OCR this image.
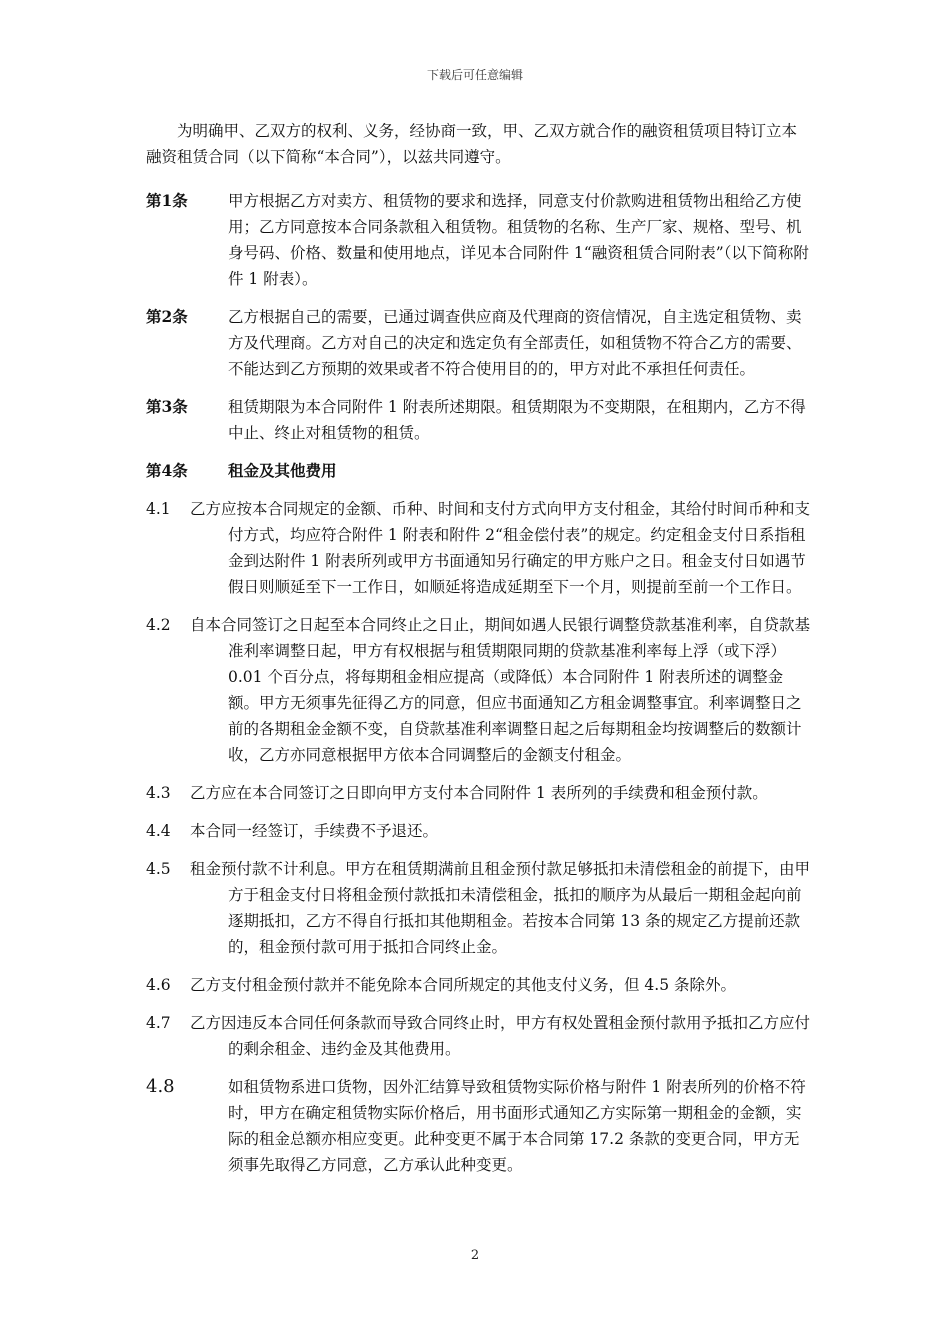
下载后可任意编辑

为明确甲、乙双方的权利、义务，经协商一致，甲、乙双方就合作的融资租赁项目特订立本融资租赁合同（以下简称“本合同”），以兹共同遵守。

第1条	甲方根据乙方对卖方、租赁物的要求和选择，同意支付价款购进租赁物出租给乙方使用；乙方同意按本合同条款租入租赁物。租赁物的名称、生产厂家、规格、型号、机身号码、价格、数量和使用地点，详见本合同附件 1“融资租赁合同附表”（以下简称附件 1 附表）。
第2条	乙方根据自己的需要，已通过调查供应商及代理商的资信情况，自主选定租赁物、卖方及代理商。乙方对自己的决定和选定负有全部责任，如租赁物不符合乙方的需要、不能达到乙方预期的效果或者不符合使用目的的，甲方对此不承担任何责任。
第3条	租赁期限为本合同附件 1 附表所述期限。租赁期限为不变期限，在租期内，乙方不得中止、终止对租赁物的租赁。
第4条	租金及其他费用

4.1 乙方应按本合同规定的金额、币种、时间和支付方式向甲方支付租金，其给付时间币种和支付方式，均应符合附件 1 附表和附件 2“租金偿付表”的规定。约定租金支付日系指租金到达附件 1 附表所列或甲方书面通知另行确定的甲方账户之日。租金支付日如遇节假日则顺延至下一工作日，如顺延将造成延期至下一个月，则提前至前一个工作日。

4.2 自本合同签订之日起至本合同终止之日止，期间如遇人民银行调整贷款基准利率，自贷款基准利率调整日起，甲方有权根据与租赁期限同期的贷款基准利率每上浮（或下浮）0.01 个百分点，将每期租金相应提高（或降低）本合同附件 1 附表所述的调整金额。甲方无须事先征得乙方的同意，但应书面通知乙方租金调整事宜。利率调整日之前的各期租金金额不变，自贷款基准利率调整日起之后每期租金均按调整后的数额计收，乙方亦同意根据甲方依本合同调整后的金额支付租金。

4.3 乙方应在本合同签订之日即向甲方支付本合同附件 1 表所列的手续费和租金预付款。

4.4 本合同一经签订，手续费不予退还。

4.5 租金预付款不计利息。甲方在租赁期满前且租金预付款足够抵扣未清偿租金的前提下，由甲方于租金支付日将租金预付款抵扣未清偿租金，抵扣的顺序为从最后一期租金起向前逐期抵扣，乙方不得自行抵扣其他期租金。若按本合同第 13 条的规定乙方提前还款的，租金预付款可用于抵扣合同终止金。

4.6 乙方支付租金预付款并不能免除本合同所规定的其他支付义务，但 4.5 条除外。

4.7 乙方因违反本合同任何条款而导致合同终止时，甲方有权处置租金预付款用予抵扣乙方应付的剩余租金、违约金及其他费用。

4.8	如租赁物系进口货物，因外汇结算导致租赁物实际价格与附件 1 附表所列的价格不符时，甲方在确定租赁物实际价格后，用书面形式通知乙方实际第一期租金的金额，实际的租金总额亦相应变更。此种变更不属于本合同第 17.2 条款的变更合同，甲方无须事先取得乙方同意，乙方承认此种变更。
2
